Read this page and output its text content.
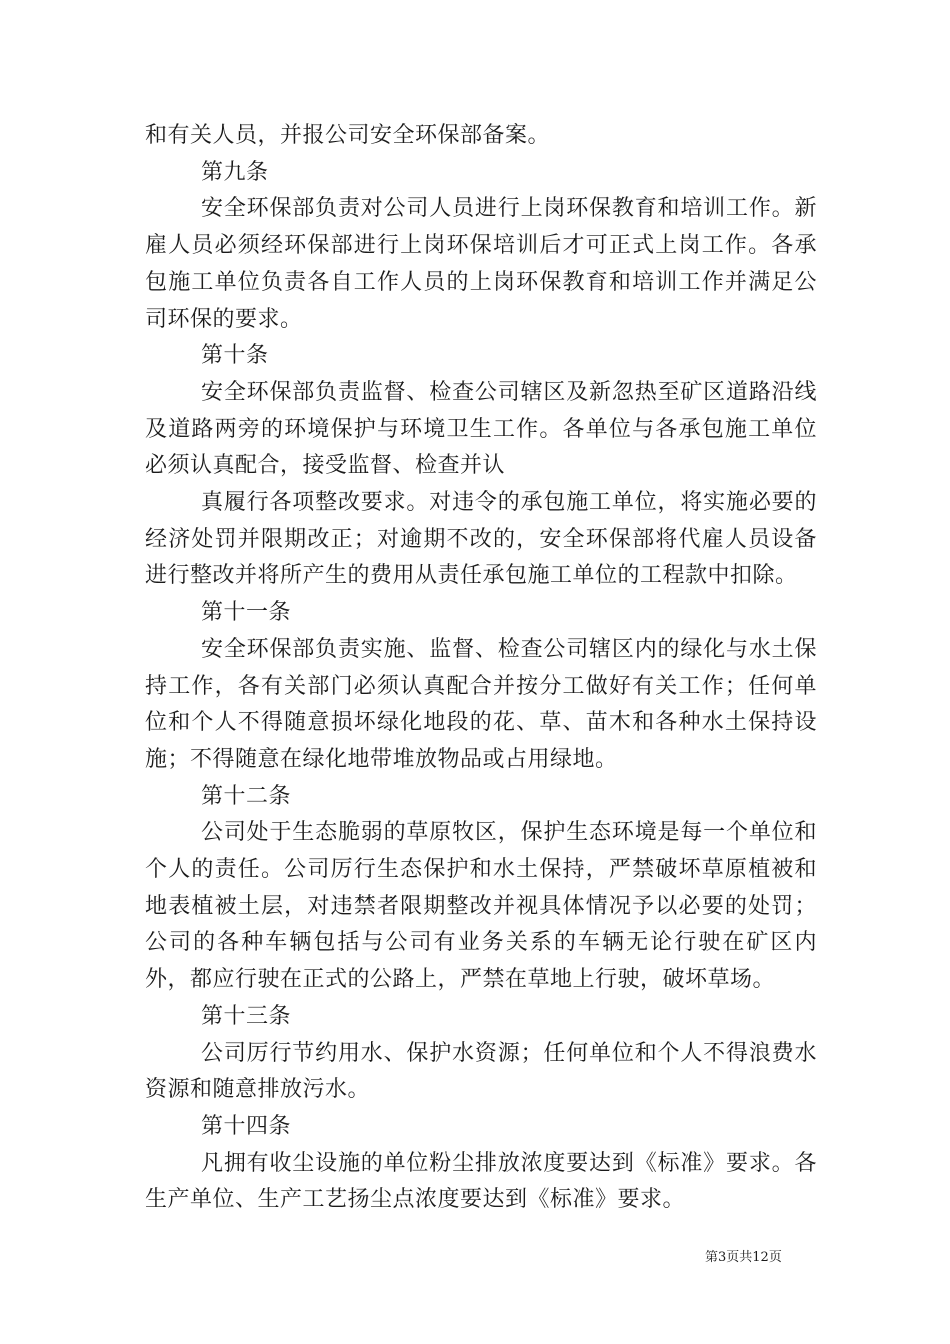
和有关人员，并报公司安全环保部备案。

第九条

安全环保部负责对公司人员进行上岗环保教育和培训工作。新雇人员必须经环保部进行上岗环保培训后才可正式上岗工作。各承包施工单位负责各自工作人员的上岗环保教育和培训工作并满足公司环保的要求。

第十条

安全环保部负责监督、检查公司辖区及新忽热至矿区道路沿线及道路两旁的环境保护与环境卫生工作。各单位与各承包施工单位必须认真配合，接受监督、检查并认

真履行各项整改要求。对违令的承包施工单位，将实施必要的经济处罚并限期改正；对逾期不改的，安全环保部将代雇人员设备进行整改并将所产生的费用从责任承包施工单位的工程款中扣除。

第十一条

安全环保部负责实施、监督、检查公司辖区内的绿化与水土保持工作，各有关部门必须认真配合并按分工做好有关工作；任何单位和个人不得随意损坏绿化地段的花、草、苗木和各种水土保持设施；不得随意在绿化地带堆放物品或占用绿地。

第十二条

公司处于生态脆弱的草原牧区，保护生态环境是每一个单位和个人的责任。公司厉行生态保护和水土保持，严禁破坏草原植被和地表植被土层，对违禁者限期整改并视具体情况予以必要的处罚；公司的各种车辆包括与公司有业务关系的车辆无论行驶在矿区内外，都应行驶在正式的公路上，严禁在草地上行驶，破坏草场。

第十三条

公司厉行节约用水、保护水资源；任何单位和个人不得浪费水资源和随意排放污水。

第十四条

凡拥有收尘设施的单位粉尘排放浓度要达到《标准》要求。各生产单位、生产工艺扬尘点浓度要达到《标准》要求。

第3页共12页
